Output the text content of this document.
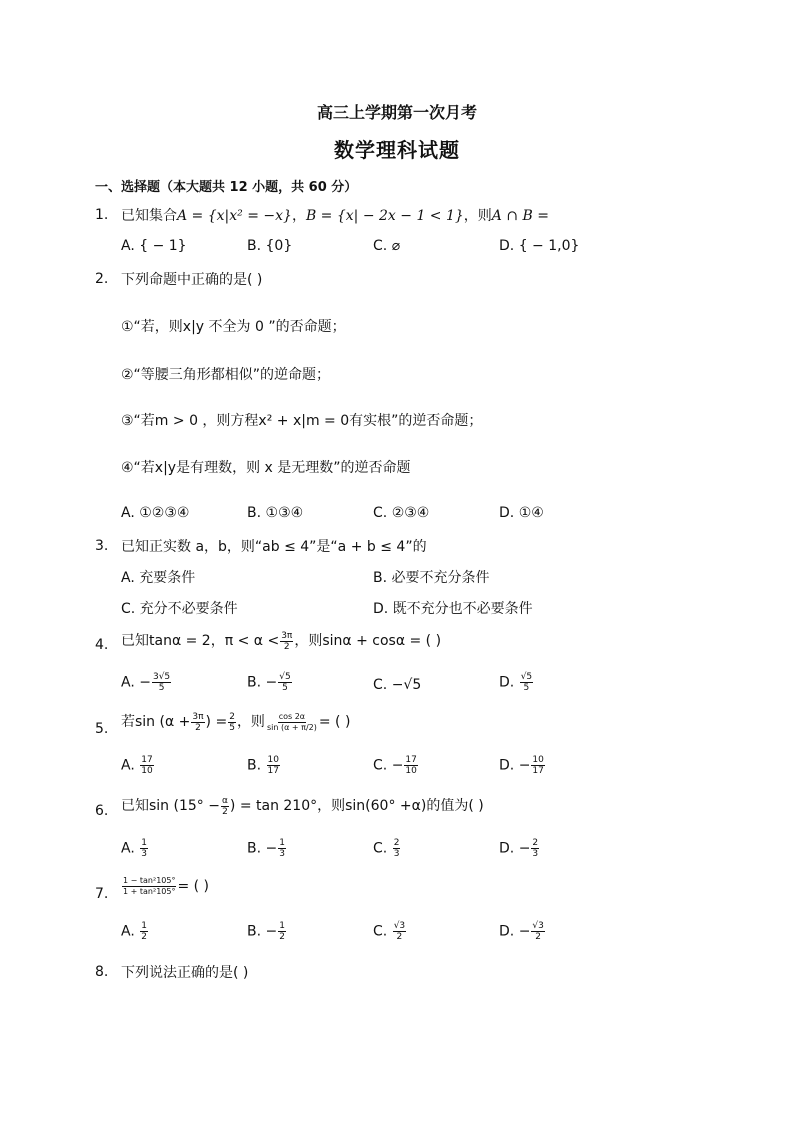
高三上学期第一次月考
数学理科试题
一、选择题（本大题共 12 小题，共 60 分）
1. 已知集合A = {x|x² = −x}，B = {x| − 2x − 1 < 1}，则A ∩ B =
A. { − 1}	B. {0}	C. ⌀	D. { − 1,0}
2. 下列命题中正确的是( )
①“若，则x|y 不全为 0 ”的否命题；
②“等腰三角形都相似”的逆命题；
③“若m > 0 ，则方程x² + x|m = 0有实根”的逆否命题；
④“若x|y是有理数，则 x 是无理数”的逆否命题
A. ①②③④	B. ①③④	C. ②③④	D. ①④
3. 已知正实数 a，b，则“ab ≤ 4”是“a + b ≤ 4”的
A. 充要条件	B. 必要不充分条件
C. 充分不必要条件	D. 既不充分也不必要条件
4. 已知tanα = 2，$\pi < \alpha < \frac{3\pi}{2}$ ，则sinα + cosα = ( )
A. − $\frac{3√5}{5}$	B. − $\frac{√5}{5}$	C. −√5	D. $\frac{√5}{5}$
5. 若$\sin (\alpha + \frac{3\pi}{2}$ ) = $\frac{2}{5}$ ，则 $\frac{\cos 2\alpha}{\sin (\alpha + \pi/2)}$ = ( )
A. $\frac{17}{10}$	B. $\frac{10}{17}$	C. − $\frac{17}{10}$	D. − $\frac{10}{17}$
6. 已知$\sin (15^\circ - \frac{\alpha}{2}$ ) = tan 210°，则sin(60° +α)的值为( )
A. $\frac{1}{3}$	B. − $\frac{1}{3}$	C. $\frac{2}{3}$	D. − $\frac{2}{3}$
7. $\frac{\text{1 − tan²105°}}{\text{1 + tan²105°}}$ = ( )
A. $\frac{1}{2}$	B. − $\frac{1}{2}$	C. $\frac{√3}{2}$	D. − $\frac{√3}{2}$
8. 下列说法正确的是( )
